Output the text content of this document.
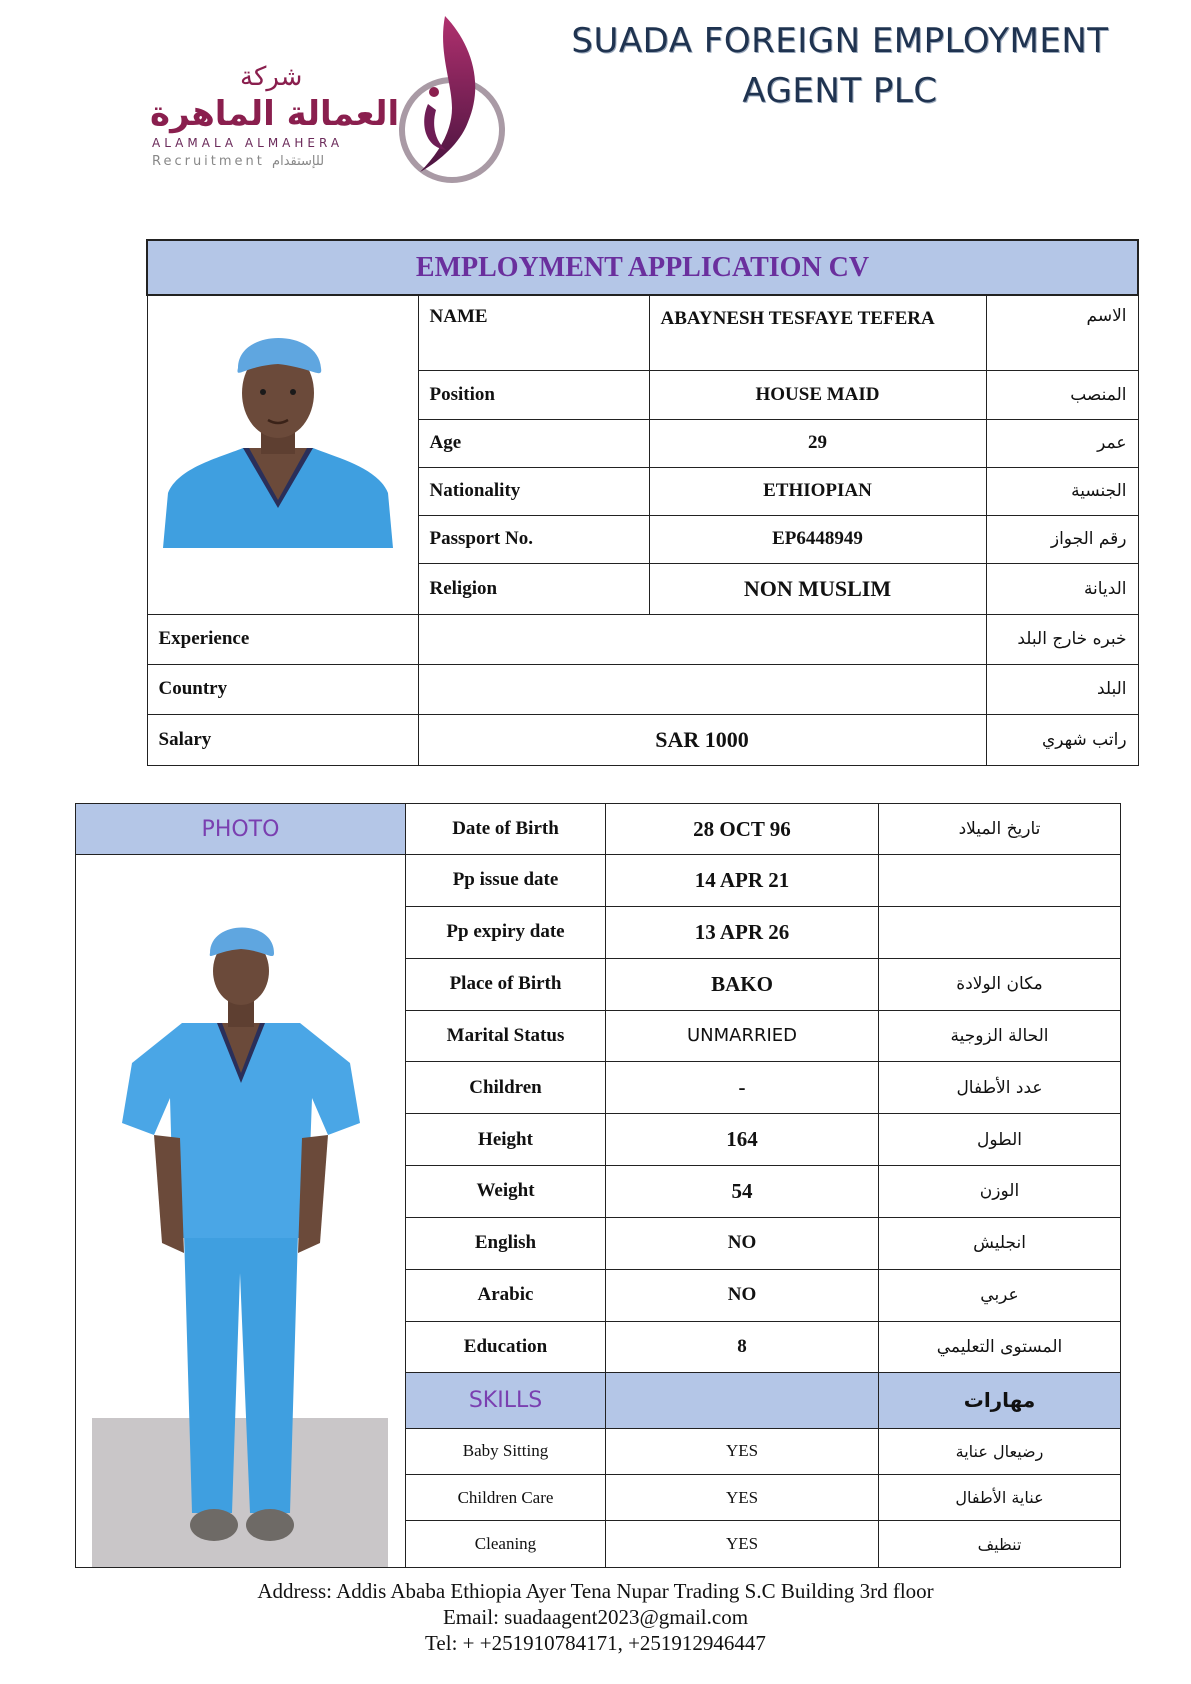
شركة
العمالة الماهرة
ALAMALA ALMAHERA
Recruitment للإستقدام
SUADA FOREIGN EMPLOYMENT
AGENT PLC
EMPLOYMENT APPLICATION CV			

	NAME	ABAYNESH TESFAYE TEFERA	الاسم
	Position	HOUSE MAID	المنصب
	Age	29	عمر
	Nationality	ETHIOPIAN	الجنسية
	Passport No.	EP6448949	رقم الجواز
	Religion	NON MUSLIM	الديانة
Experience			خبره خارج البلد
Country			البلد
Salary	SAR 1000		راتب شهري
PHOTO	Date of Birth	28 OCT 96	تاريخ الميلاد

	Pp issue date	14 APR 21	
	Pp expiry date	13 APR 26	
	Place of Birth	BAKO	مكان الولادة
	Marital Status	UNMARRIED	الحالة الزوجية
	Children	-	عدد الأطفال
	Height	164	الطول
	Weight	54	الوزن
	English	NO	انجليش
	Arabic	NO	عربي
	Education	8	المستوى التعليمي
	SKILLS		مهارات
	Baby Sitting	YES	رضيعال عناية
	Children Care	YES	عناية الأطفال
	Cleaning	YES	تنظيف
Address: Addis Ababa Ethiopia Ayer Tena Nupar Trading S.C Building 3rd floor
Email: suadaagent2023@gmail.com
Tel: + +251910784171, +251912946447
